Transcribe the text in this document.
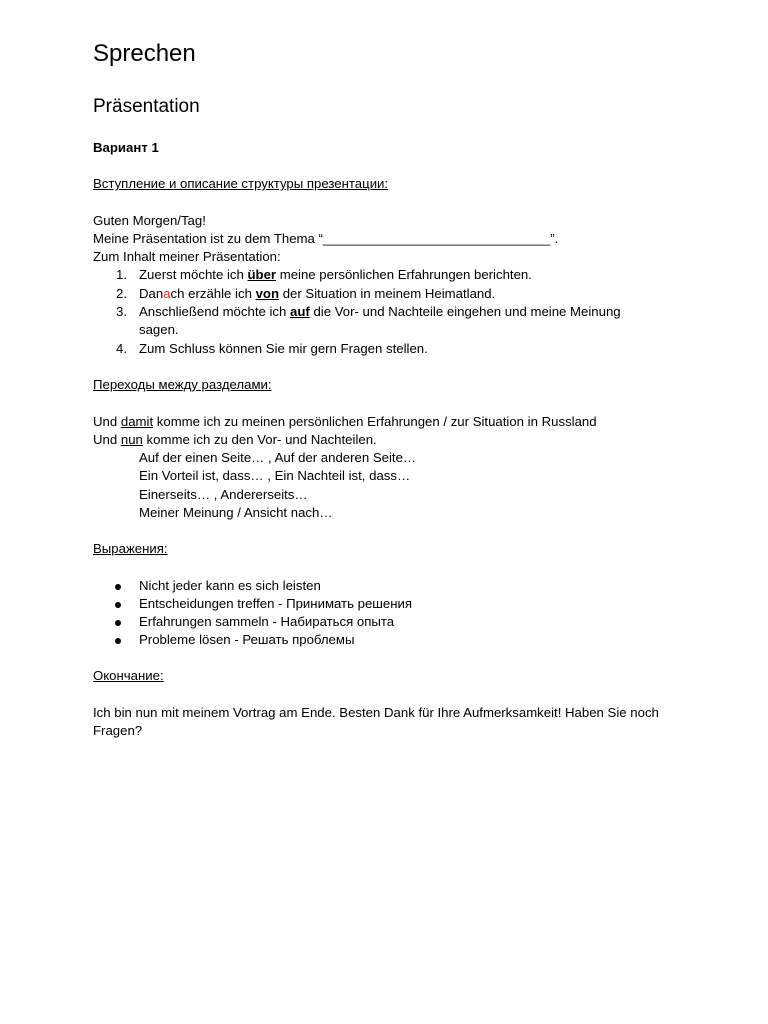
Sprechen
Präsentation
Вариант 1
Вступление и описание структуры презентации:
Guten Morgen/Tag!
Meine Präsentation ist zu dem Thema “_______________________________”.
Zum Inhalt meiner Präsentation:
1. Zuerst möchte ich über meine persönlichen Erfahrungen berichten.
2. Danach erzähle ich von der Situation in meinem Heimatland.
3. Anschließend möchte ich auf die Vor- und Nachteile eingehen und meine Meinung sagen.
4. Zum Schluss können Sie mir gern Fragen stellen.
Переходы между разделами:
Und damit komme ich zu meinen persönlichen Erfahrungen / zur Situation in Russland
Und nun komme ich zu den Vor- und Nachteilen.
Auf der einen Seite… , Auf der anderen Seite…
Ein Vorteil ist, dass… , Ein Nachteil ist, dass…
Einerseits… , Andererseits…
Meiner Meinung / Ansicht nach…
Выражения:
Nicht jeder kann es sich leisten
Entscheidungen treffen - Принимать решения
Erfahrungen sammeln - Набираться опыта
Probleme lösen - Решать проблемы
Окончание:
Ich bin nun mit meinem Vortrag am Ende. Besten Dank für Ihre Aufmerksamkeit! Haben Sie noch Fragen?
